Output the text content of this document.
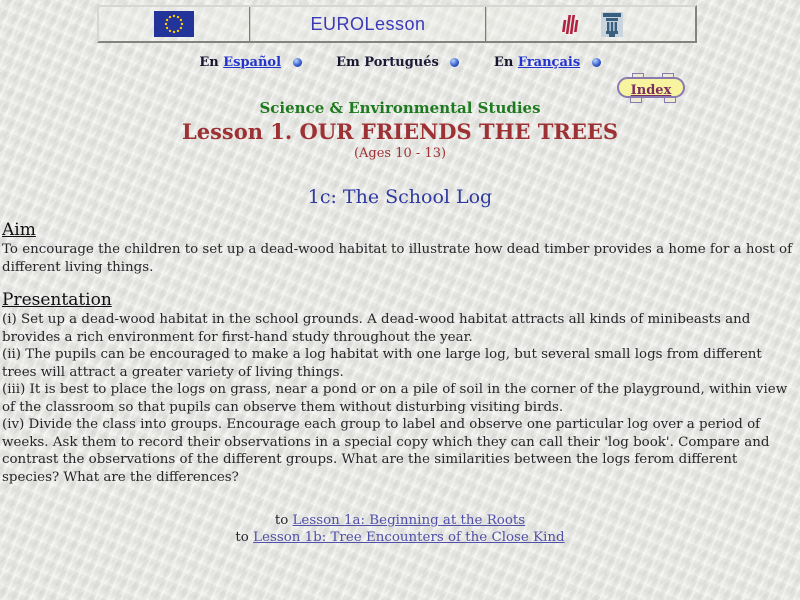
EUROLesson
En Español	Em Portugués	En Français
Index
Science & Environmental Studies
Lesson 1. OUR FRIENDS THE TREES
(Ages 10 - 13)
1c: The School Log
Aim
To encourage the children to set up a dead-wood habitat to illustrate how dead timber provides a home for a host of different living things.
Presentation
(i) Set up a dead-wood habitat in the school grounds. A dead-wood habitat attracts all kinds of minibeasts and brovides a rich environment for first-hand study throughout the year.
(ii) The pupils can be encouraged to make a log habitat with one large log, but several small logs from different trees will attract a greater variety of living things.
(iii) It is best to place the logs on grass, near a pond or on a pile of soil in the corner of the playground, within view of the classroom so that pupils can observe them without disturbing visiting birds.
(iv) Divide the class into groups. Encourage each group to label and observe one particular log over a period of weeks. Ask them to record their observations in a special copy which they can call their 'log book'. Compare and contrast the observations of the different groups. What are the similarities between the logs ferom different species? What are the differences?
to Lesson 1a: Beginning at the Roots
to Lesson 1b: Tree Encounters of the Close Kind
